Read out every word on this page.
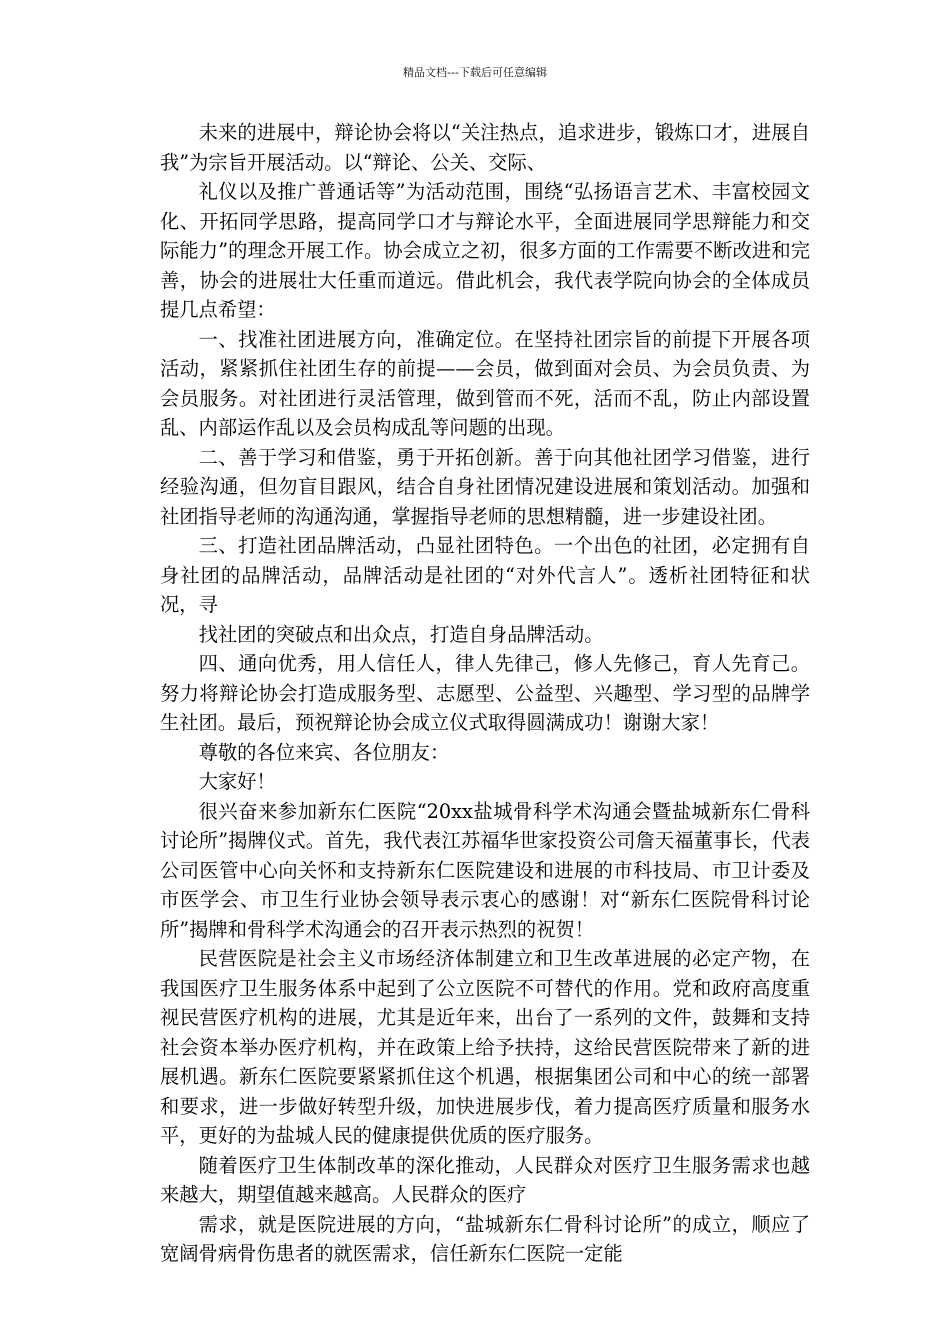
精品文档---下载后可任意编辑

未来的进展中，辩论协会将以“关注热点，追求进步，锻炼口才，进展自我”为宗旨开展活动。以“辩论、公关、交际、

礼仪以及推广普通话等”为活动范围，围绕“弘扬语言艺术、丰富校园文化、开拓同学思路，提高同学口才与辩论水平，全面进展同学思辩能力和交际能力”的理念开展工作。协会成立之初，很多方面的工作需要不断改进和完善，协会的进展壮大任重而道远。借此机会，我代表学院向协会的全体成员提几点希望：

一、找准社团进展方向，准确定位。在坚持社团宗旨的前提下开展各项活动，紧紧抓住社团生存的前提——会员，做到面对会员、为会员负责、为会员服务。对社团进行灵活管理，做到管而不死，活而不乱，防止内部设置乱、内部运作乱以及会员构成乱等问题的出现。

二、善于学习和借鉴，勇于开拓创新。善于向其他社团学习借鉴，进行经验沟通，但勿盲目跟风，结合自身社团情况建设进展和策划活动。加强和社团指导老师的沟通沟通，掌握指导老师的思想精髓，进一步建设社团。

三、打造社团品牌活动，凸显社团特色。一个出色的社团，必定拥有自身社团的品牌活动，品牌活动是社团的“对外代言人”。透析社团特征和状况，寻

找社团的突破点和出众点，打造自身品牌活动。

四、通向优秀，用人信任人，律人先律己，修人先修己，育人先育己。努力将辩论协会打造成服务型、志愿型、公益型、兴趣型、学习型的品牌学生社团。最后，预祝辩论协会成立仪式取得圆满成功！谢谢大家！

尊敬的各位来宾、各位朋友：

大家好！

很兴奋来参加新东仁医院“20xx盐城骨科学术沟通会暨盐城新东仁骨科讨论所”揭牌仪式。首先，我代表江苏福华世家投资公司詹天福董事长，代表公司医管中心向关怀和支持新东仁医院建设和进展的市科技局、市卫计委及市医学会、市卫生行业协会领导表示衷心的感谢！对“新东仁医院骨科讨论所”揭牌和骨科学术沟通会的召开表示热烈的祝贺！

民营医院是社会主义市场经济体制建立和卫生改革进展的必定产物，在我国医疗卫生服务体系中起到了公立医院不可替代的作用。党和政府高度重视民营医疗机构的进展，尤其是近年来，出台了一系列的文件，鼓舞和支持社会资本举办医疗机构，并在政策上给予扶持，这给民营医院带来了新的进展机遇。新东仁医院要紧紧抓住这个机遇，根据集团公司和中心的统一部署和要求，进一步做好转型升级，加快进展步伐，着力提高医疗质量和服务水平，更好的为盐城人民的健康提供优质的医疗服务。

随着医疗卫生体制改革的深化推动，人民群众对医疗卫生服务需求也越来越大，期望值越来越高。人民群众的医疗

需求，就是医院进展的方向，“盐城新东仁骨科讨论所”的成立，顺应了宽阔骨病骨伤患者的就医需求，信任新东仁医院一定能
